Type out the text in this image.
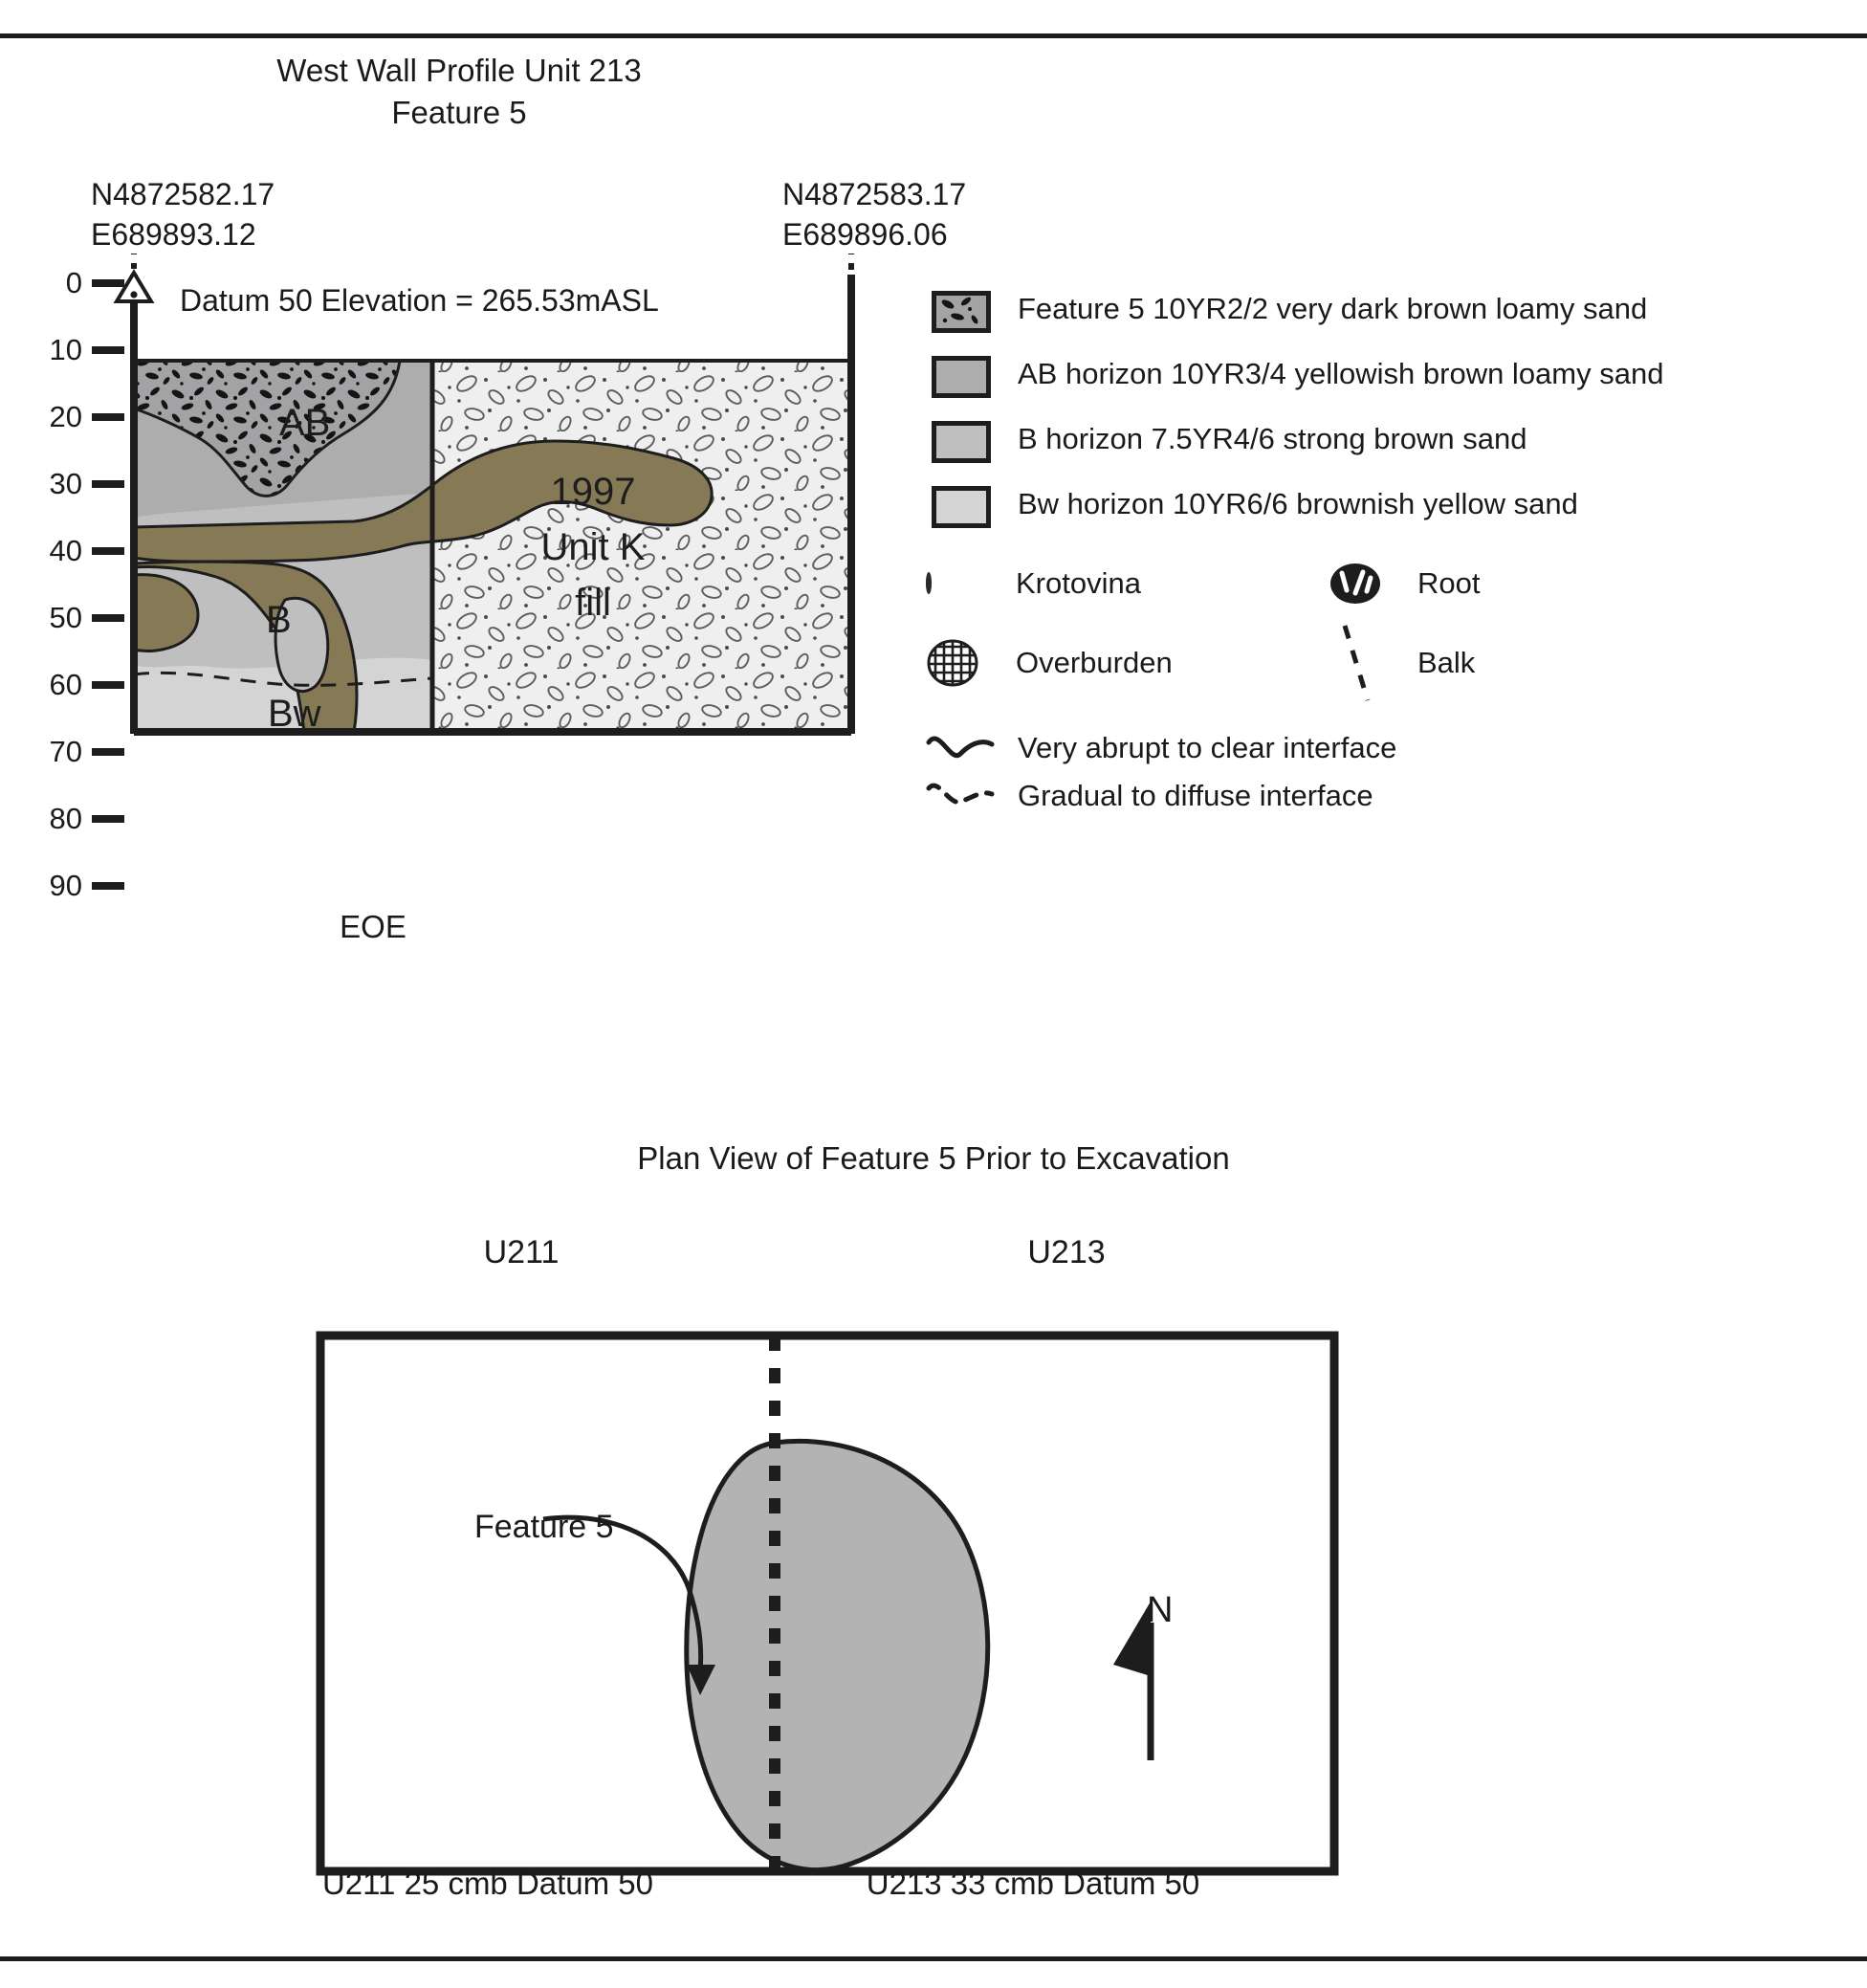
West Wall Profile Unit 213
Feature 5
N4872582.17
E689893.12
N4872583.17
E689896.06
0
10
20
30
40
50
60
70
80
90
Datum 50 Elevation = 265.53mASL
AB
B
Bw
1997
Unit K
fill
EOE
Feature 5 10YR2/2 very dark brown loamy sand
AB horizon 10YR3/4 yellowish brown loamy sand
B horizon 7.5YR4/6 strong brown sand
Bw horizon 10YR6/6 brownish yellow sand
Krotovina	Root
Overburden	Balk
Very abrupt to clear interface
Gradual to diffuse interface
Plan View of Feature 5 Prior to Excavation
U211	U213
Feature 5
N
U211 25 cmb Datum 50	U213 33 cmb Datum 50
